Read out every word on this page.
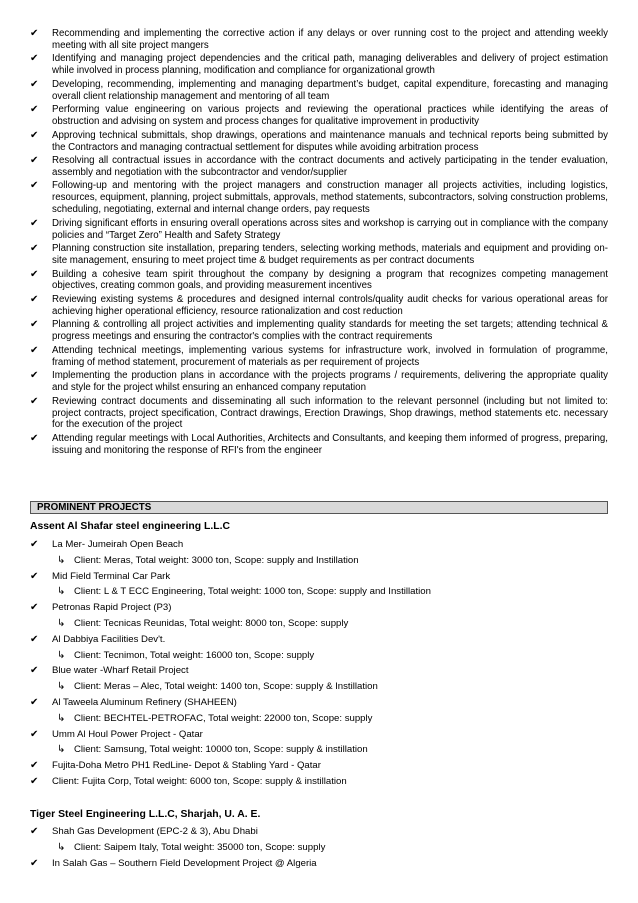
✔ Recommending and implementing the corrective action if any delays or over running cost to the project and attending weekly meeting with all site project mangers
✔ Identifying and managing project dependencies and the critical path, managing deliverables and delivery of project estimation while involved in process planning, modification and compliance for organizational growth
✔ Developing, recommending, implementing and managing department’s budget, capital expenditure, forecasting and managing overall client relationship management and mentoring of all team
✔ Performing value engineering on various projects and reviewing the operational practices while identifying the areas of obstruction and advising on system and process changes for qualitative improvement in productivity
✔ Approving technical submittals, shop drawings, operations and maintenance manuals and technical reports being submitted by the Contractors and managing contractual settlement for disputes while avoiding arbitration process
✔ Resolving all contractual issues in accordance with the contract documents and actively participating in the tender evaluation, assembly and negotiation with the subcontractor and vendor/supplier
✔ Following-up and mentoring with the project managers and construction manager all projects activities, including logistics, resources, equipment, planning, project submittals, approvals, method statements, subcontractors, solving construction problems, scheduling, negotiating, external and internal change orders, pay requests
✔ Driving significant efforts in ensuring overall operations across sites and workshop is carrying out in compliance with the company policies and “Target Zero” Health and Safety Strategy
✔ Planning construction site installation, preparing tenders, selecting working methods, materials and equipment and providing on-site management, ensuring to meet project time & budget requirements as per contract documents
✔ Building a cohesive team spirit throughout the company by designing a program that recognizes competing management objectives, creating common goals, and providing measurement incentives
✔ Reviewing existing systems & procedures and designed internal controls/quality audit checks for various operational areas for achieving higher operational efficiency, resource rationalization and cost reduction
✔ Planning & controlling all project activities and implementing quality standards for meeting the set targets; attending technical & progress meetings and ensuring the contractor's complies with the contract requirements
✔ Attending technical meetings, implementing various systems for infrastructure work, involved in formulation of programme, framing of method statement, procurement of materials as per requirement of projects
✔ Implementing the production plans in accordance with the projects programs / requirements, delivering the appropriate quality and style for the project whilst ensuring an enhanced company reputation
✔ Reviewing contract documents and disseminating all such information to the relevant personnel (including but not limited to: project contracts, project specification, Contract drawings, Erection Drawings, Shop drawings, method statements etc. necessary for the execution of the project
✔ Attending regular meetings with Local Authorities, Architects and Consultants, and keeping them informed of progress, preparing, issuing and monitoring the response of RFI's from the engineer
PROMINENT PROJECTS
Assent Al Shafar steel engineering L.L.C
✔ La Mer- Jumeirah Open Beach
↳ Client: Meras, Total weight: 3000 ton, Scope: supply and Instillation
✔ Mid Field Terminal Car Park
↳ Client: L & T ECC Engineering, Total weight: 1000 ton, Scope: supply and Instillation
✔ Petronas Rapid Project (P3)
↳ Client: Tecnicas Reunidas, Total weight: 8000 ton, Scope: supply
✔ Al Dabbiya Facilities Dev't.
↳ Client: Tecnimon, Total weight: 16000 ton, Scope: supply
✔ Blue water -Wharf Retail Project
↳ Client: Meras – Alec, Total weight: 1400 ton, Scope: supply & Instillation
✔ Al Taweela Aluminum Refinery (SHAHEEN)
↳ Client: BECHTEL-PETROFAC, Total weight: 22000 ton, Scope: supply
✔ Umm Al Houl Power Project - Qatar
↳ Client: Samsung, Total weight: 10000 ton, Scope: supply & instillation
✔ Fujita-Doha Metro PH1 RedLine- Depot & Stabling Yard - Qatar
✔ Client: Fujita Corp, Total weight: 6000 ton, Scope: supply & instillation
Tiger Steel Engineering L.L.C, Sharjah, U. A. E.
✔ Shah Gas Development (EPC-2 & 3), Abu Dhabi
↳ Client: Saipem Italy, Total weight: 35000 ton, Scope: supply
✔ In Salah Gas – Southern Field Development Project @ Algeria
